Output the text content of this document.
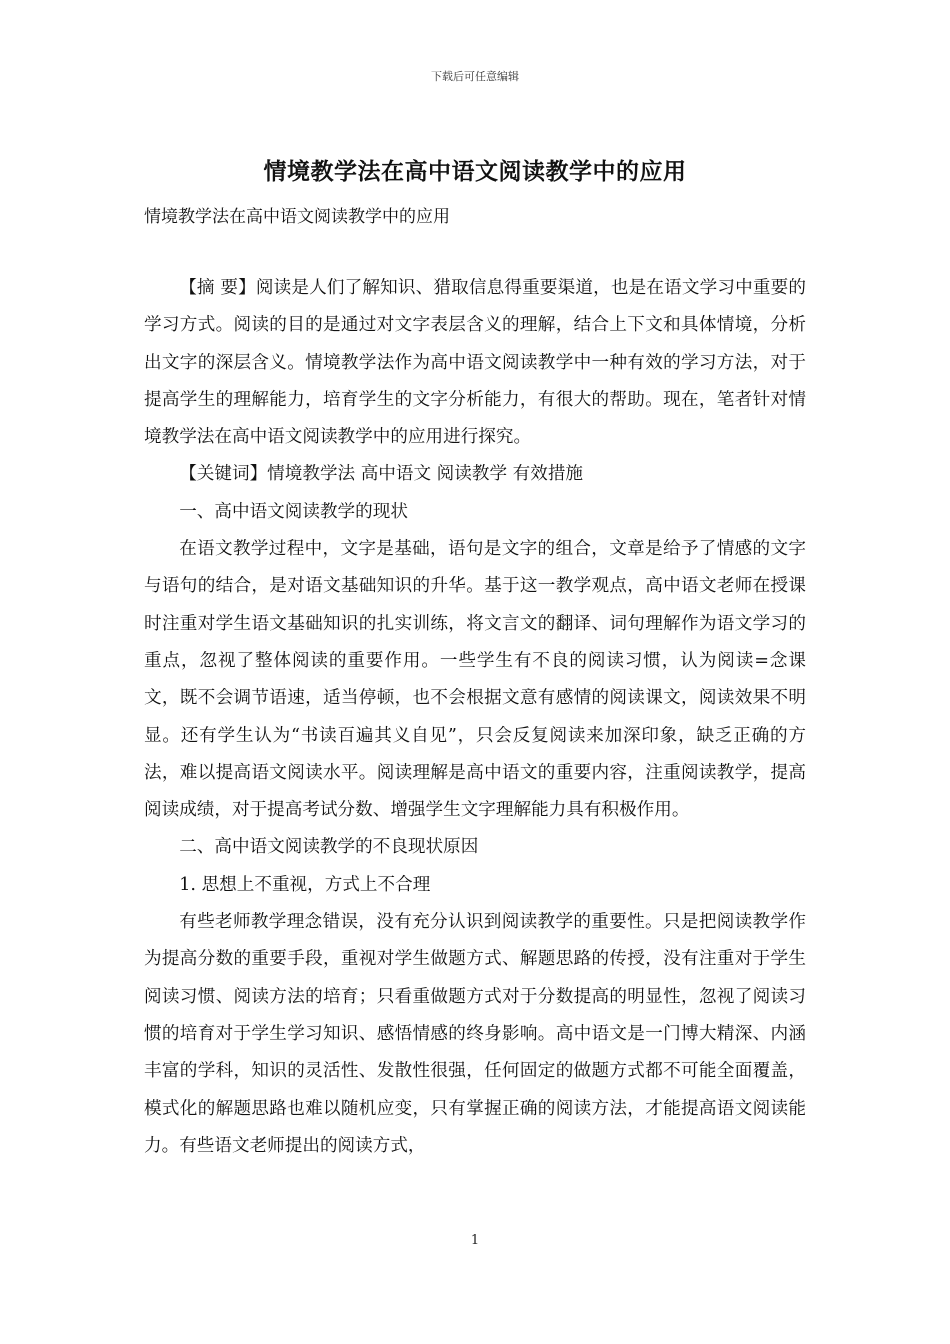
下载后可任意编辑
情境教学法在高中语文阅读教学中的应用
情境教学法在高中语文阅读教学中的应用

【摘 要】阅读是人们了解知识、猎取信息得重要渠道，也是在语文学习中重要的学习方式。阅读的目的是通过对文字表层含义的理解，结合上下文和具体情境，分析出文字的深层含义。情境教学法作为高中语文阅读教学中一种有效的学习方法，对于提高学生的理解能力，培育学生的文字分析能力，有很大的帮助。现在，笔者针对情境教学法在高中语文阅读教学中的应用进行探究。

【关键词】情境教学法 高中语文 阅读教学 有效措施

一、高中语文阅读教学的现状

在语文教学过程中，文字是基础，语句是文字的组合，文章是给予了情感的文字与语句的结合，是对语文基础知识的升华。基于这一教学观点，高中语文老师在授课时注重对学生语文基础知识的扎实训练，将文言文的翻译、词句理解作为语文学习的重点，忽视了整体阅读的重要作用。一些学生有不良的阅读习惯，认为阅读=念课文，既不会调节语速，适当停顿，也不会根据文意有感情的阅读课文，阅读效果不明显。还有学生认为“书读百遍其义自见”，只会反复阅读来加深印象，缺乏正确的方法，难以提高语文阅读水平。阅读理解是高中语文的重要内容，注重阅读教学，提高阅读成绩，对于提高考试分数、增强学生文字理解能力具有积极作用。

二、高中语文阅读教学的不良现状原因

1. 思想上不重视，方式上不合理

有些老师教学理念错误，没有充分认识到阅读教学的重要性。只是把阅读教学作为提高分数的重要手段，重视对学生做题方式、解题思路的传授，没有注重对于学生阅读习惯、阅读方法的培育；只看重做题方式对于分数提高的明显性，忽视了阅读习惯的培育对于学生学习知识、感悟情感的终身影响。高中语文是一门博大精深、内涵丰富的学科，知识的灵活性、发散性很强，任何固定的做题方式都不可能全面覆盖，模式化的解题思路也难以随机应变，只有掌握正确的阅读方法，才能提高语文阅读能力。有些语文老师提出的阅读方式，

1
